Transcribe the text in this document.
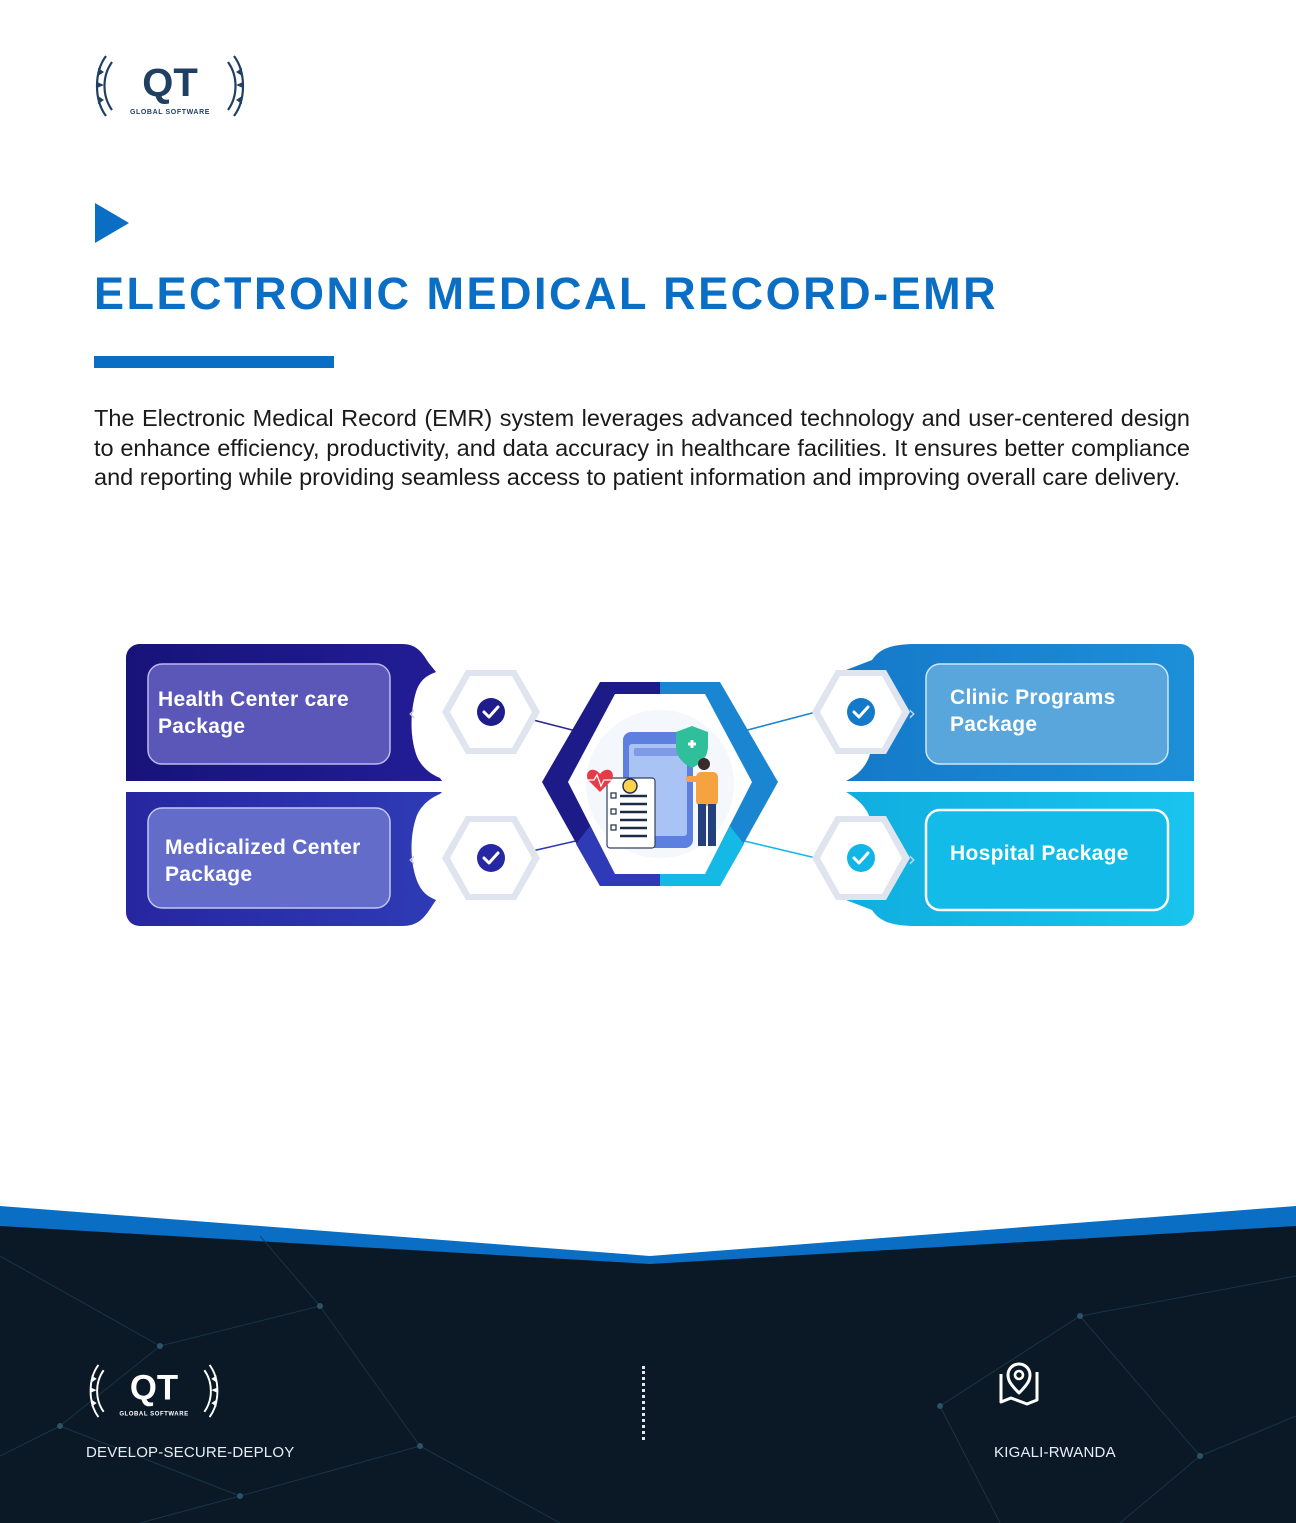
QT
GLOBAL SOFTWARE
ELECTRONIC MEDICAL RECORD-EMR

The Electronic Medical Record (EMR) system leverages advanced technology and user-centered design to enhance efficiency, productivity, and data accuracy in healthcare facilities. It ensures better compliance and reporting while providing seamless access to patient information and improving overall care delivery.

‹
‹
›
›
Health Center care
Package
Medicalized Center
Package
Clinic Programs
Package
Hospital Package
QT
GLOBAL SOFTWARE
DEVELOP-SECURE-DEPLOY	KIGALI-RWANDA
